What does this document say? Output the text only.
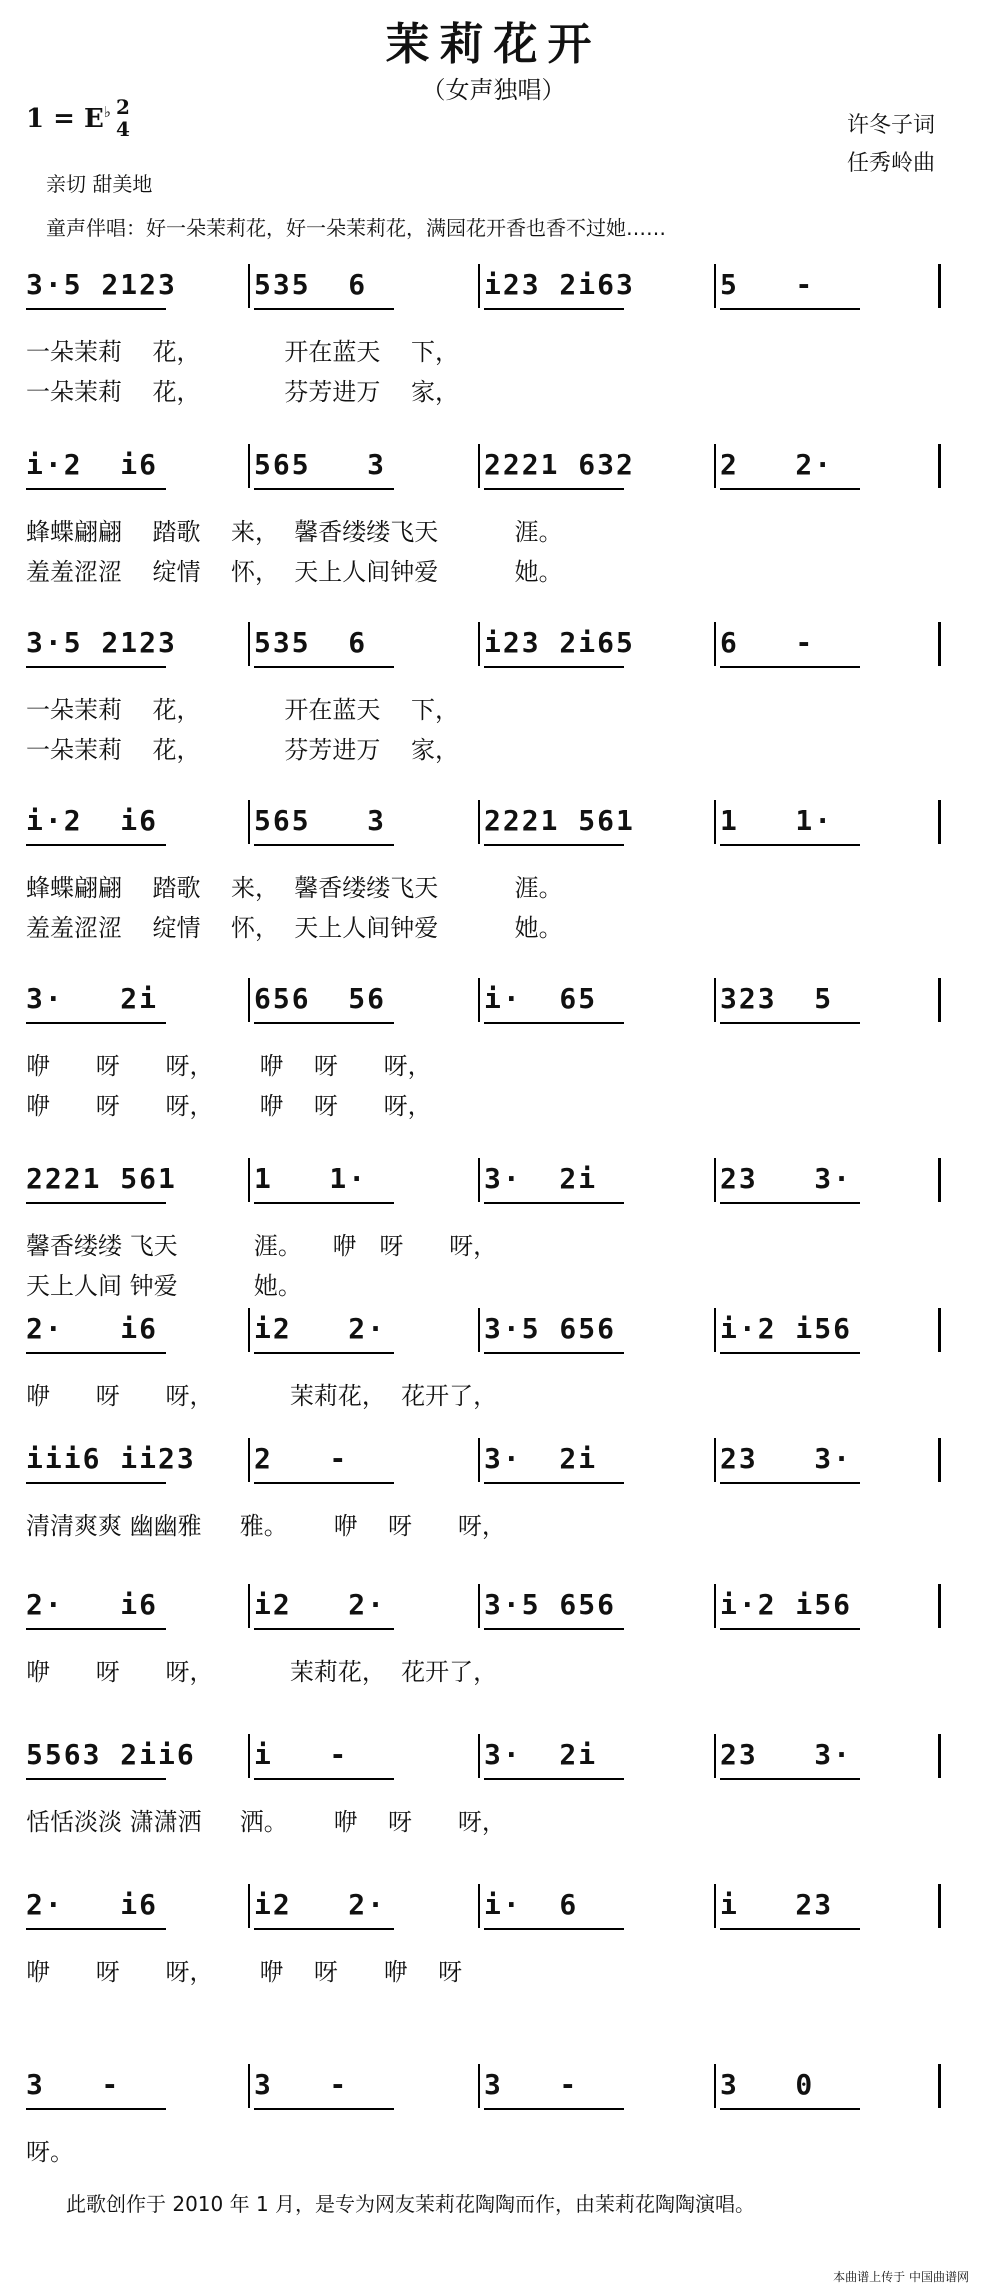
茉莉花开
（女声独唱）
1 = E♭ 2
4	许冬子词
任秀岭曲
亲切 甜美地
童声伴唱：好一朵茉莉花，好一朵茉莉花，满园花开香也香不过她……
3·5 2123	535  6	i23 2i63	5   -
一朵茉莉    花，           开在蓝天    下，
一朵茉莉    花，           芬芳进万    家，
i·2  i6	565   3	2221 632	2   2·
蜂蝶翩翩    踏歌    来，  馨香缕缕飞天          涯。
羞羞涩涩    绽情    怀，  天上人间钟爱          她。
3·5 2123	535  6	i23 2i65	6   -
一朵茉莉    花，           开在蓝天    下，
一朵茉莉    花，           芬芳进万    家，
i·2  i6	565   3	2221 561	1   1·
蜂蝶翩翩    踏歌    来，  馨香缕缕飞天          涯。
羞羞涩涩    绽情    怀，  天上人间钟爱          她。
3·   2i	656  56	i·  65	323  5
咿      呀      呀，      咿    呀      呀，
咿      呀      呀，      咿    呀      呀，
2221 561	1   1·	3·  2i	23   3·
馨香缕缕 飞天          涯。    咿   呀      呀，
天上人间 钟爱          她。
2·   i6	i2   2·	3·5 656	i·2 i56
咿      呀      呀，          茉莉花，  花开了，
iii6 ii23 2   -	3·  2i	23   3·
清清爽爽 幽幽雅     雅。      咿    呀      呀，
2·   i6	i2   2·	3·5 656	i·2 i56
咿      呀      呀，          茉莉花，  花开了，
5563 2ii6 i   -	3·  2i	23   3·
恬恬淡淡 潇潇洒     洒。      咿    呀      呀，
2·   i6	i2   2·	i·  6	i   23
咿      呀      呀，      咿    呀      咿    呀
3   -	3   -	3   -	3   0
呀。
此歌创作于 2010 年 1 月，是专为网友茉莉花陶陶而作，由茉莉花陶陶演唱。
本曲谱上传于 中国曲谱网
